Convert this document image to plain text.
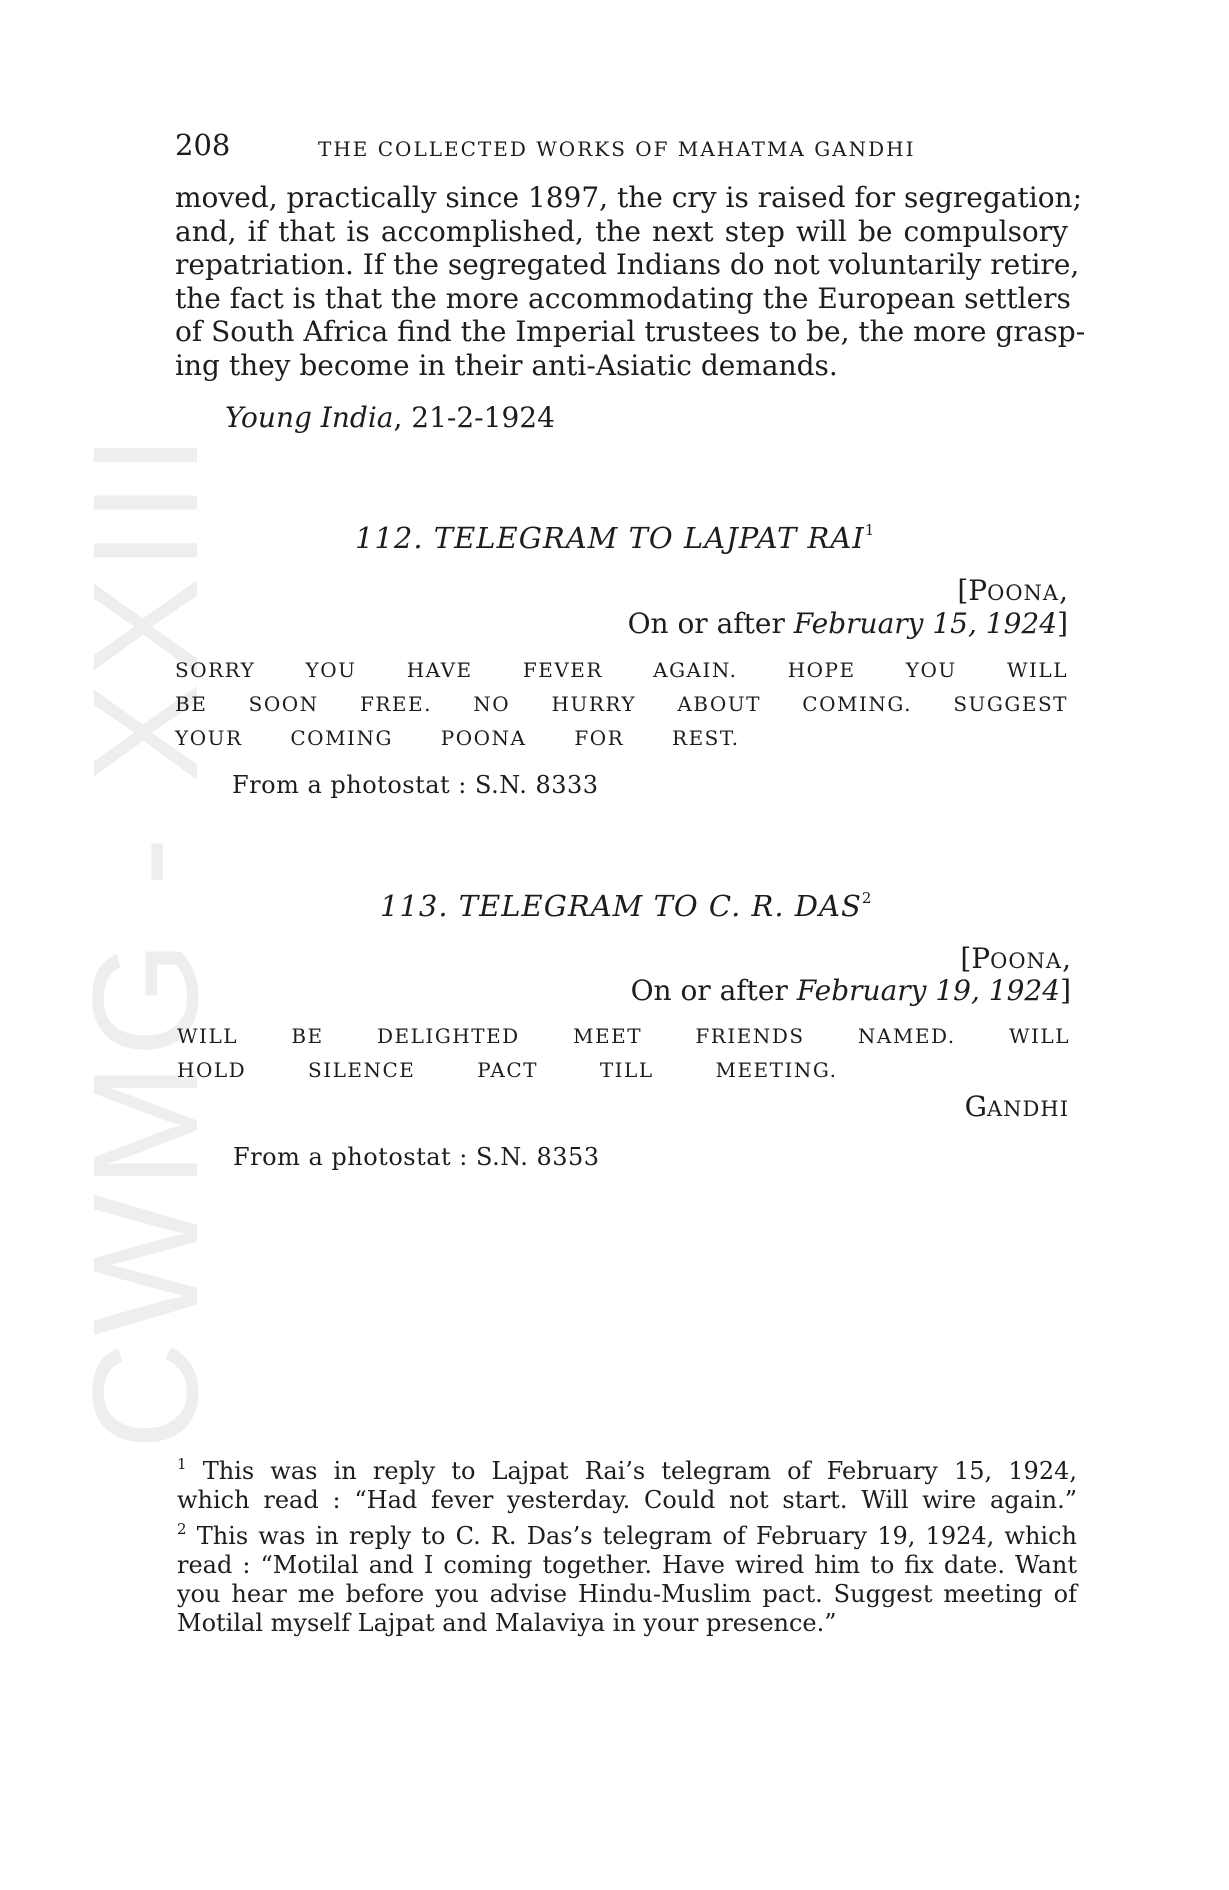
CWMG - XXIII
208	THE COLLECTED WORKS OF MAHATMA GANDHI
moved, practically since 1897, the cry is raised for segregation;
and, if that is accomplished, the next step will be compulsory
repatriation. If the segregated Indians do not voluntarily retire,
the fact is that the more accommodating the European settlers
of South Africa find the Imperial trustees to be, the more grasp-
ing they become in their anti-Asiatic demands.
Young India, 21-2-1924
112. TELEGRAM TO LAJPAT RAI$^1$
[POONA,
On or after February 15, 1924]
SORRY YOU HAVE FEVER AGAIN. HOPE YOU WILL
BE SOON FREE. NO HURRY ABOUT COMING. SUGGEST
YOUR COMING POONA FOR REST.
From a photostat : S.N. 8333
113. TELEGRAM TO C. R. DAS$^2$
[POONA,
On or after February 19, 1924]
WILL BE DELIGHTED MEET FRIENDS NAMED. WILL
HOLD SILENCE PACT TILL MEETING.
GANDHI
From a photostat : S.N. 8353
$^1$ This was in reply to Lajpat Rai’s telegram of February 15, 1924,
which read : “Had fever yesterday. Could not start. Will wire again.”
$^2$ This was in reply to C. R. Das’s telegram of February 19, 1924, which
read : “Motilal and I coming together. Have wired him to fix date. Want
you hear me before you advise Hindu-Muslim pact. Suggest meeting of
Motilal myself Lajpat and Malaviya in your presence.”
